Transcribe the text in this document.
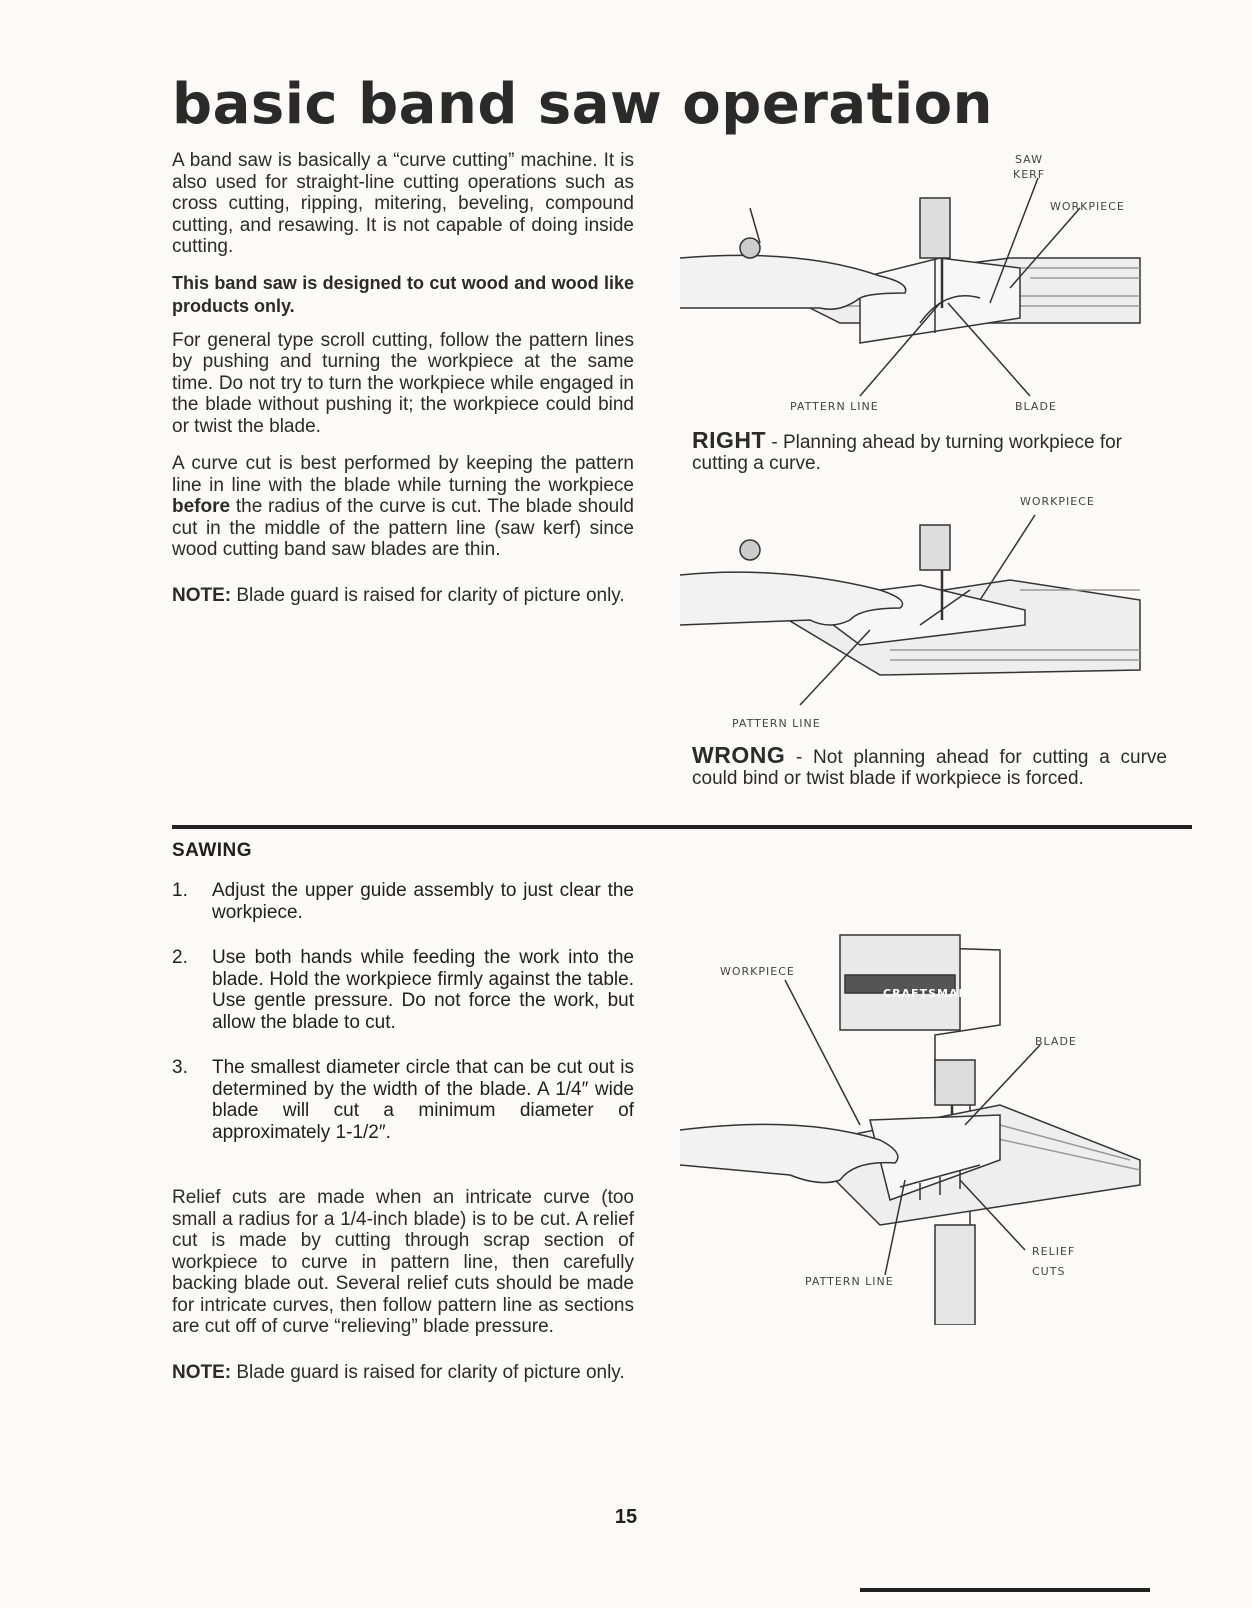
basic band saw operation

A band saw is basically a “curve cutting” machine. It is also used for straight-line cutting operations such as cross cutting, ripping, mitering, beveling, compound cutting, and resawing. It is not capable of doing inside cutting.

This band saw is designed to cut wood and wood like products only.

For general type scroll cutting, follow the pattern lines by pushing and turning the workpiece at the same time. Do not try to turn the workpiece while engaged in the blade without pushing it; the workpiece could bind or twist the blade.

A curve cut is best performed by keeping the pattern line in line with the blade while turning the workpiece before the radius of the curve is cut. The blade should cut in the middle of the pattern line (saw kerf) since wood cutting band saw blades are thin.

NOTE: Blade guard is raised for clarity of picture only.

SAW
KERF
WORKPIECE
PATTERN LINE	BLADE
RIGHT - Planning ahead by turning workpiece for cutting a curve.
WORKPIECE
PATTERN LINE
WRONG - Not planning ahead for cutting a curve could bind or twist blade if workpiece is forced.
SAWING
1. Adjust the upper guide assembly to just clear the workpiece.
2. Use both hands while feeding the work into the blade. Hold the workpiece firmly against the table. Use gentle pressure. Do not force the work, but allow the blade to cut.
3. The smallest diameter circle that can be cut out is determined by the width of the blade. A 1/4″ wide blade will cut a minimum diameter of approximately 1-1/2″.

Relief cuts are made when an intricate curve (too small a radius for a 1/4-inch blade) is to be cut. A relief cut is made by cutting through scrap section of workpiece to curve in pattern line, then carefully backing blade out. Several relief cuts should be made for intricate curves, then follow pattern line as sections are cut off of curve “relieving” blade pressure.

NOTE: Blade guard is raised for clarity of picture only.

CRAFTSMAN
WORKPIECE
BLADE
PATTERN LINE
RELIEF
CUTS
15
